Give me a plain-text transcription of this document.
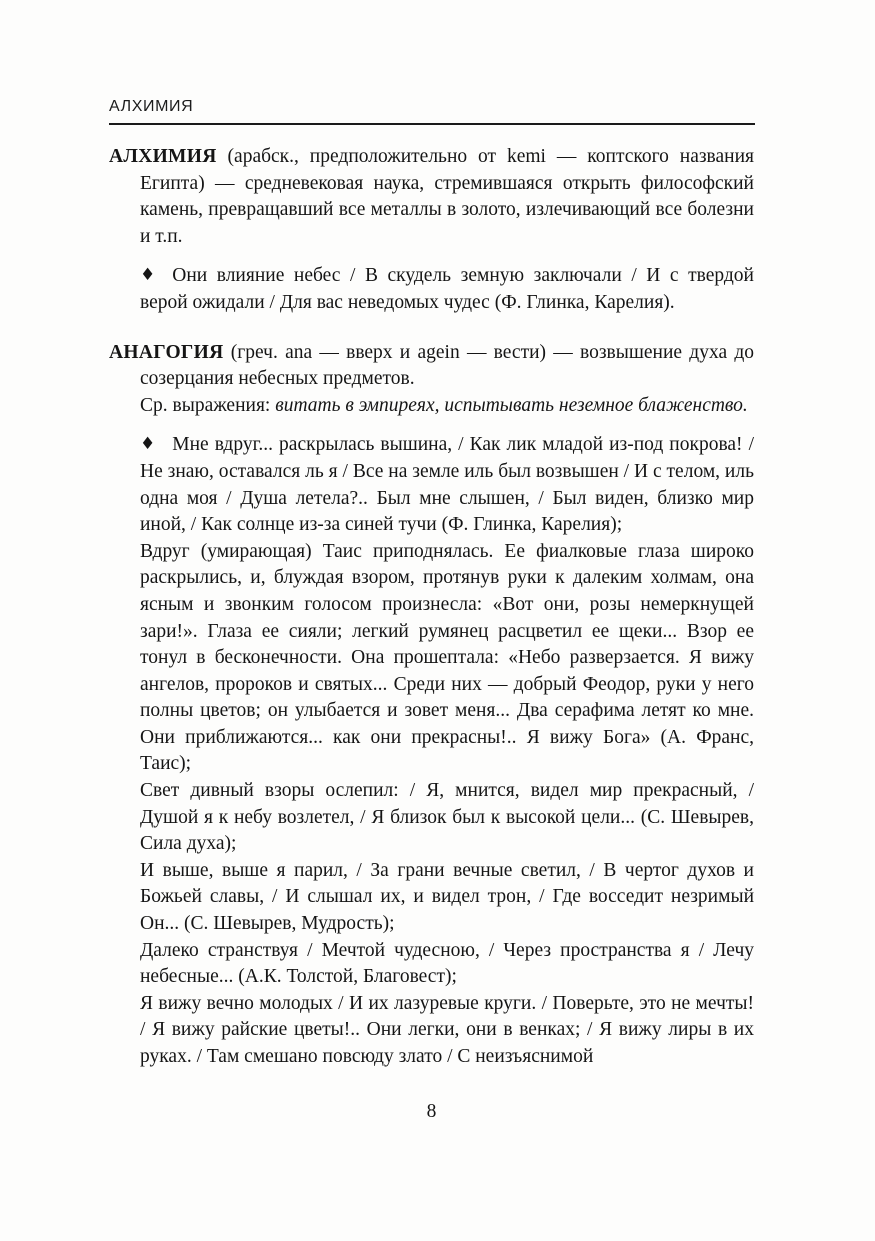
АЛХИМИЯ

АЛХИМИЯ (арабск., предположительно от kemi — коптского названия Египта) — средневековая наука, стремившаяся открыть философский камень, превращавший все металлы в золото, излечивающий все болезни и т.п.

♦ Они влияние небес / В скудель земную заключали / И с твердой верой ожидали / Для вас неведомых чудес (Ф. Глинка, Карелия).

АНАГОГИЯ (греч. ana — вверх и agein — вести) — возвышение духа до созерцания небесных предметов.

Ср. выражения: витать в эмпиреях, испытывать неземное блаженство.

♦ Мне вдруг... раскрылась вышина, / Как лик младой из-под покрова! / Не знаю, оставался ль я / Все на земле иль был возвышен / И с телом, иль одна моя / Душа летела?.. Был мне слышен, / Был виден, близко мир иной, / Как солнце из-за синей тучи (Ф. Глинка, Карелия);

Вдруг (умирающая) Таис приподнялась. Ее фиалковые глаза широко раскрылись, и, блуждая взором, протянув руки к далеким холмам, она ясным и звонким голосом произнесла: «Вот они, розы немеркнущей зари!». Глаза ее сияли; легкий румянец расцветил ее щеки... Взор ее тонул в бесконечности. Она прошептала: «Небо разверзается. Я вижу ангелов, пророков и святых... Среди них — добрый Феодор, руки у него полны цветов; он улыбается и зовет меня... Два серафима летят ко мне. Они приближаются... как они прекрасны!.. Я вижу Бога» (А. Франс, Таис);

Свет дивный взоры ослепил: / Я, мнится, видел мир прекрасный, / Душой я к небу возлетел, / Я близок был к высокой цели... (С. Шевырев, Сила духа);

И выше, выше я парил, / За грани вечные светил, / В чертог духов и Божьей славы, / И слышал их, и видел трон, / Где восседит незримый Он... (С. Шевырев, Мудрость);

Далеко странствуя / Мечтой чудесною, / Через пространства я / Лечу небесные... (А.К. Толстой, Благовест);

Я вижу вечно молодых / И их лазуревые круги. / Поверьте, это не мечты! / Я вижу райские цветы!.. Они легки, они в венках; / Я вижу лиры в их руках. / Там смешано повсюду злато / С неизъяснимой

8
